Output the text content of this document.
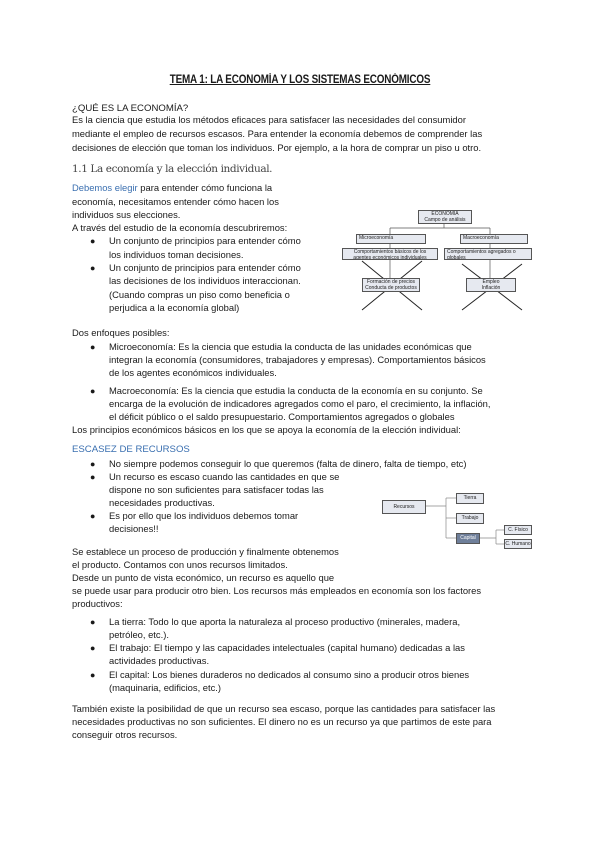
TEMA 1: LA ECONOMÍA Y LOS SISTEMAS ECONÓMICOS
¿QUÉ ES LA ECONOMÍA?
Es la ciencia que estudia los métodos eficaces para satisfacer las necesidades del consumidor
mediante el empleo de recursos escasos. Para entender la economía debemos de comprender las
decisiones de elección que toman los individuos. Por ejemplo, a la hora de comprar un piso u otro.
1.1 La economía y la elección individual.
Debemos elegir para entender cómo funciona la
economía, necesitamos entender cómo hacen los
individuos sus elecciones.
A través del estudio de la economía descubriremos:
● Un conjunto de principios para entender cómo
los individuos toman decisiones.
● Un conjunto de principios para entender cómo
las decisiones de los individuos interaccionan.
(Cuando compras un piso como beneficia o
perjudica a la economía global)
ECONOMÍA
Campo de análisis
Microeconomía	Macroeconomía
Comportamientos básicos de los
agentes económicos individuales
Comportamientos agregados o
globales
Formación de precios
Conducta de productos
Empleo
Inflación
Dos enfoques posibles:
● Microeconomía: Es la ciencia que estudia la conducta de las unidades económicas que
integran la economía (consumidores, trabajadores y empresas). Comportamientos básicos
de los agentes económicos individuales.
● Macroeconomía: Es la ciencia que estudia la conducta de la economía en su conjunto. Se
encarga de la evolución de indicadores agregados como el paro, el crecimiento, la inflación,
el déficit público o el saldo presupuestario. Comportamientos agregados o globales
Los principios económicos básicos en los que se apoya la economía de la elección individual:
ESCASEZ DE RECURSOS
● No siempre podemos conseguir lo que queremos (falta de dinero, falta de tiempo, etc)
● Un recurso es escaso cuando las cantidades en que se
dispone no son suficientes para satisfacer todas las
necesidades productivas.
● Es por ello que los individuos debemos tomar
decisiones!!
Recursos
Tierra
Trabajo
Capital
C. Físico
C. Humano
Se establece un proceso de producción y finalmente obtenemos
el producto. Contamos con unos recursos limitados.
Desde un punto de vista económico, un recurso es aquello que
se puede usar para producir otro bien. Los recursos más empleados en economía son los factores
productivos:
● La tierra: Todo lo que aporta la naturaleza al proceso productivo (minerales, madera,
petróleo, etc.).
● El trabajo: El tiempo y las capacidades intelectuales (capital humano) dedicadas a las
actividades productivas.
● El capital: Los bienes duraderos no dedicados al consumo sino a producir otros bienes
(maquinaria, edificios, etc.)
También existe la posibilidad de que un recurso sea escaso, porque las cantidades para satisfacer las
necesidades productivas no son suficientes. El dinero no es un recurso ya que partimos de este para
conseguir otros recursos.
